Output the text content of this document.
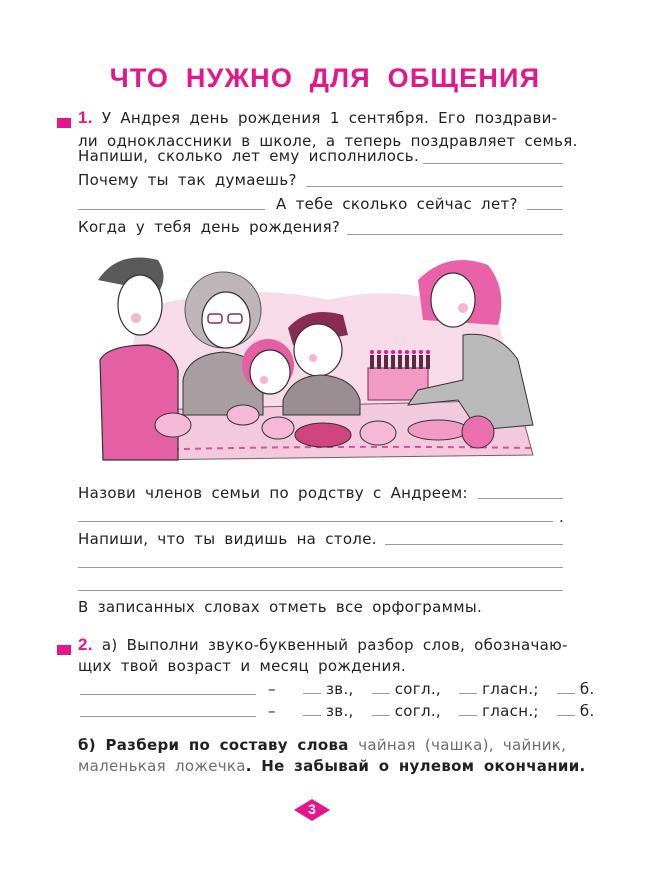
ЧТО НУЖНО ДЛЯ ОБЩЕНИЯ
1. У Андрея день рождения 1 сентября. Его поздрави-
ли одноклассники в школе, а теперь поздравляет семья.
Напиши, сколько лет ему исполнилось.
Почему ты так думаешь?
А тебе сколько сейчас лет?
Когда у тебя день рождения?
Назови членов семьи по родству с Андреем:
.
Напиши, что ты видишь на столе.
В записанных словах отметь все орфограммы.
2. а) Выполни звуко-буквенный разбор слов, обозначаю-
щих твой возраст и месяц рождения.
–	зв.,	согл.,	гласн.;	б.
–	зв.,	согл.,	гласн.;	б.
б) Разбери по составу слова чайная (чашка), чайник,
маленькая ложечка. Не забывай о нулевом окончании.
3
